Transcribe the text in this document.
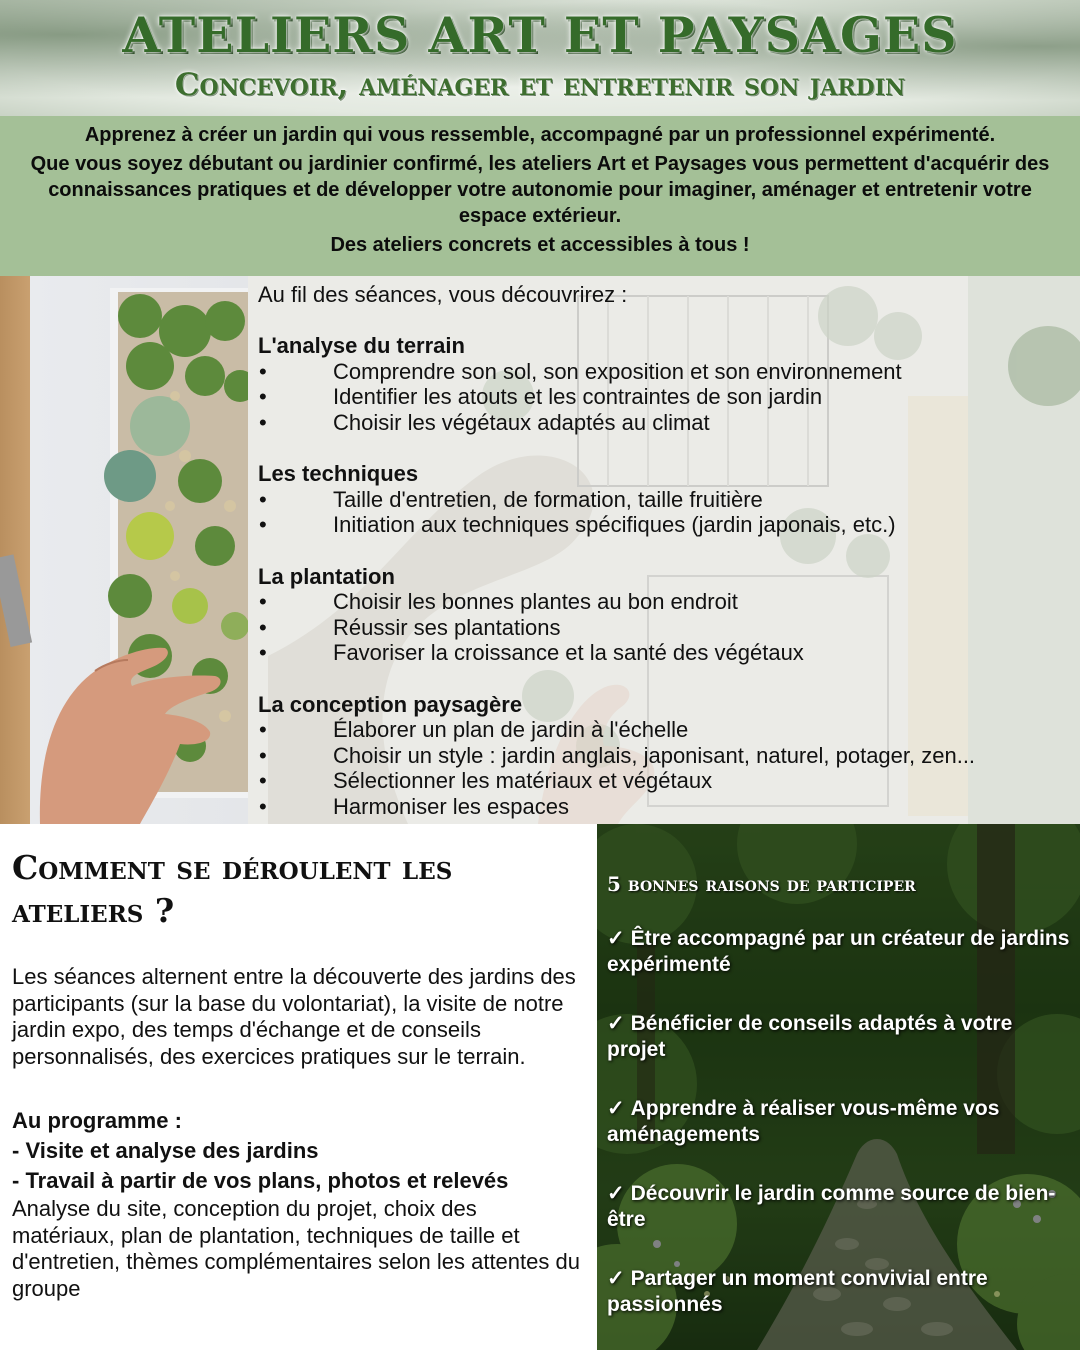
ATELIERS ART ET PAYSAGES
Concevoir, aménager et entretenir son jardin

Apprenez à créer un jardin qui vous ressemble, accompagné par un professionnel expérimenté.

Que vous soyez débutant ou jardinier confirmé, les ateliers Art et Paysages vous permettent d'acquérir des connaissances pratiques et de développer votre autonomie pour imaginer, aménager et entretenir votre espace extérieur.

Des ateliers concrets et accessibles à tous !

Au fil des séances, vous découvrirez :

L'analyse du terrain
• Comprendre son sol, son exposition et son environnement
• Identifier les atouts et les contraintes de son jardin
• Choisir les végétaux adaptés au climat
Les techniques
• Taille d'entretien, de formation, taille fruitière
• Initiation aux techniques spécifiques (jardin japonais, etc.)
La plantation
• Choisir les bonnes plantes au bon endroit
• Réussir ses plantations
• Favoriser la croissance et la santé des végétaux
La conception paysagère
• Élaborer un plan de jardin à l'échelle
• Choisir un style : jardin anglais, japonisant, naturel, potager, zen...
• Sélectionner les matériaux et végétaux
• Harmoniser les espaces
Comment se déroulent les ateliers ?

Les séances alternent entre la découverte des jardins des participants (sur la base du volontariat), la visite de notre jardin expo, des temps d'échange et de conseils personnalisés, des exercices pratiques sur le terrain.

Au programme :

- Visite et analyse des jardins

- Travail à partir de vos plans, photos et relevés

Analyse du site, conception du projet, choix des matériaux, plan de plantation, techniques de taille et d'entretien, thèmes complémentaires selon les attentes du groupe

5 bonnes raisons de participer

✓ Être accompagné par un créateur de jardins expérimenté

✓ Bénéficier de conseils adaptés à votre projet

✓ Apprendre à réaliser vous-même vos aménagements

✓ Découvrir le jardin comme source de bien-être

✓ Partager un moment convivial entre passionnés
